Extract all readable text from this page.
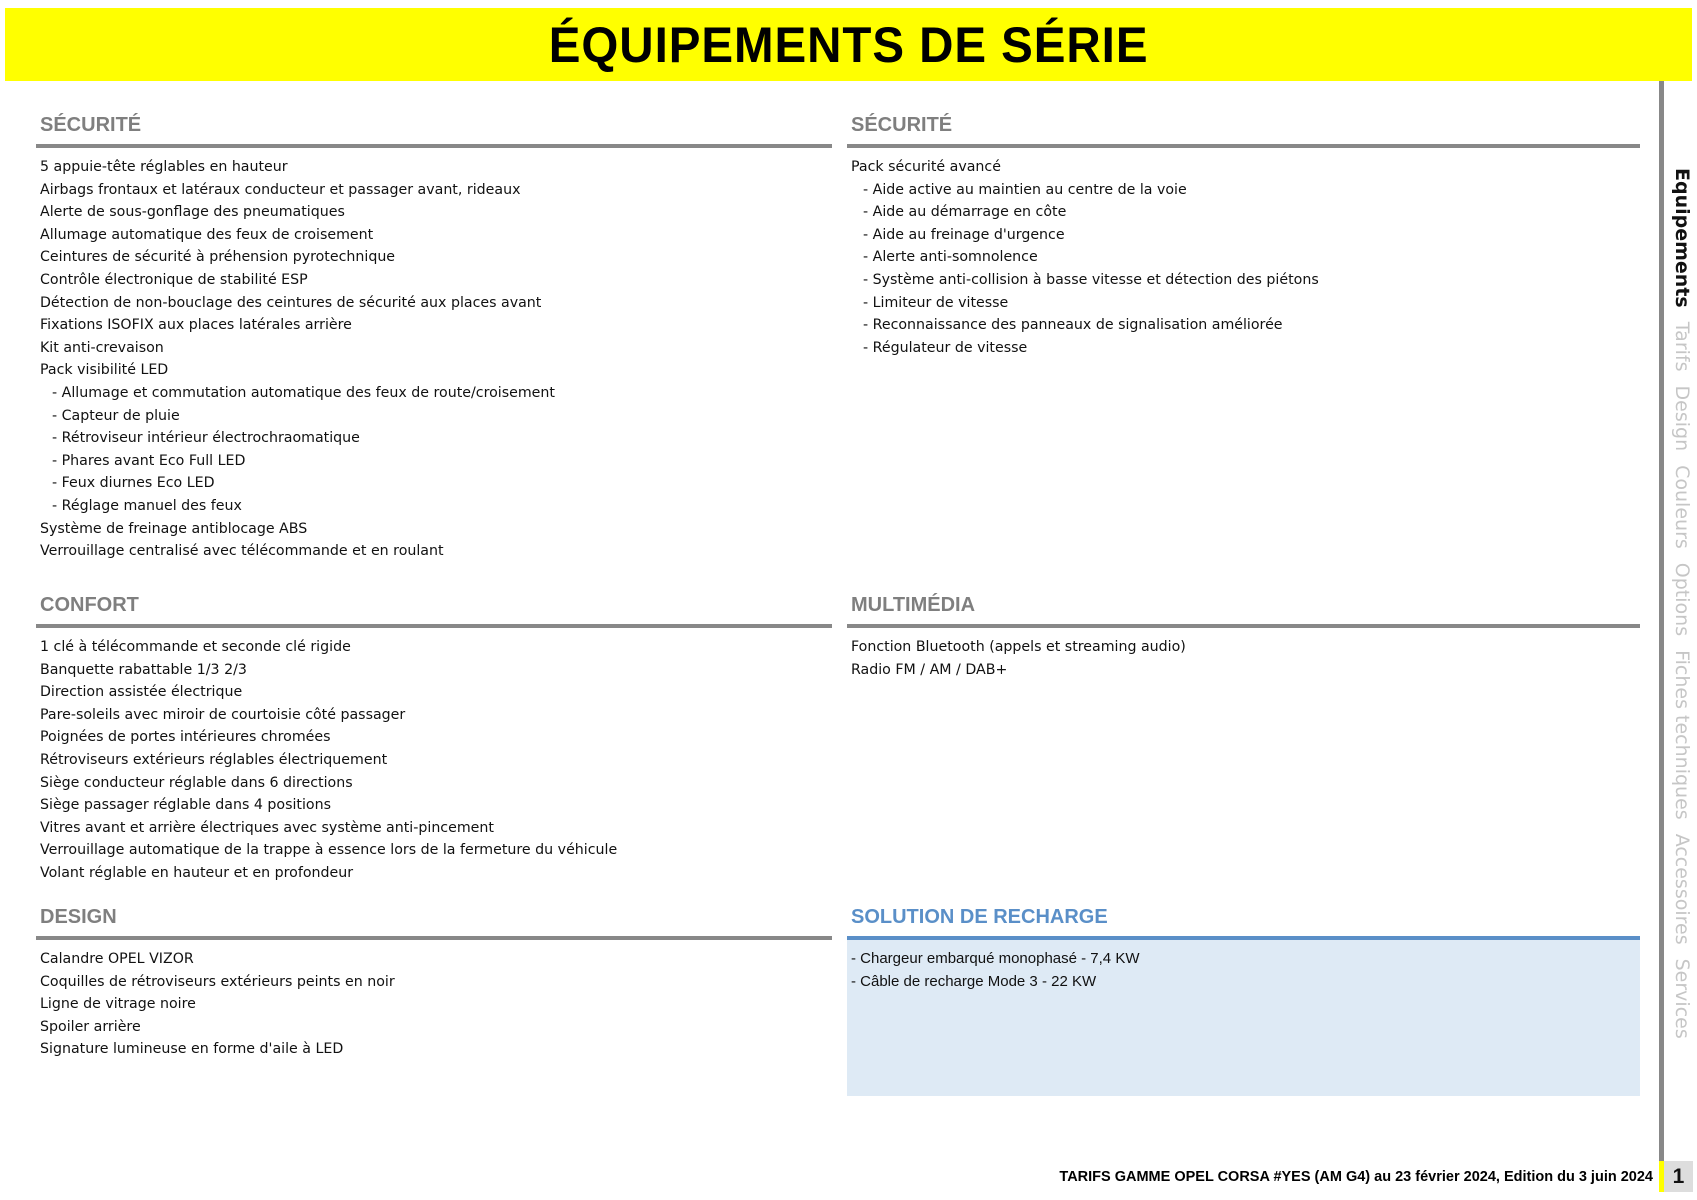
ÉQUIPEMENTS DE SÉRIE
Equipements
Tarifs
Design
Couleurs
Options
Fiches techniques
Accessoires
Services
SÉCURITÉ
5 appuie-tête réglables en hauteur
Airbags frontaux et latéraux conducteur et passager avant, rideaux
Alerte de sous-gonflage des pneumatiques
Allumage automatique des feux de croisement
Ceintures de sécurité à préhension pyrotechnique
Contrôle électronique de stabilité ESP
Détection de non-bouclage des ceintures de sécurité aux places avant
Fixations ISOFIX aux places latérales arrière
Kit anti-crevaison
Pack visibilité LED
- Allumage et commutation automatique des feux de route/croisement
- Capteur de pluie
- Rétroviseur intérieur électrochraomatique
- Phares avant Eco Full LED
- Feux diurnes Eco LED
- Réglage manuel des feux
Système de freinage antiblocage ABS
Verrouillage centralisé avec télécommande et en roulant
SÉCURITÉ
Pack sécurité avancé
- Aide active au maintien au centre de la voie
- Aide au démarrage en côte
- Aide au freinage d'urgence
- Alerte anti-somnolence
- Système anti-collision à basse vitesse et détection des piétons
- Limiteur de vitesse
- Reconnaissance des panneaux de signalisation améliorée
- Régulateur de vitesse
CONFORT
1 clé à télécommande et seconde clé rigide
Banquette rabattable 1/3 2/3
Direction assistée électrique
Pare-soleils avec miroir de courtoisie côté passager
Poignées de portes intérieures chromées
Rétroviseurs extérieurs réglables électriquement
Siège conducteur réglable dans 6 directions
Siège passager réglable dans 4 positions
Vitres avant et arrière électriques avec système anti-pincement
Verrouillage automatique de la trappe à essence lors de la fermeture du véhicule
Volant réglable en hauteur et en profondeur
MULTIMÉDIA
Fonction Bluetooth (appels et streaming audio)
Radio FM / AM / DAB+
DESIGN
Calandre OPEL VIZOR
Coquilles de rétroviseurs extérieurs peints en noir
Ligne de vitrage noire
Spoiler arrière
Signature lumineuse en forme d'aile à LED
SOLUTION DE RECHARGE
- Chargeur embarqué monophasé - 7,4 KW
- Câble de recharge Mode 3 - 22 KW
TARIFS GAMME OPEL CORSA #YES (AM G4) au 23 février 2024, Edition du 3 juin 2024 1
